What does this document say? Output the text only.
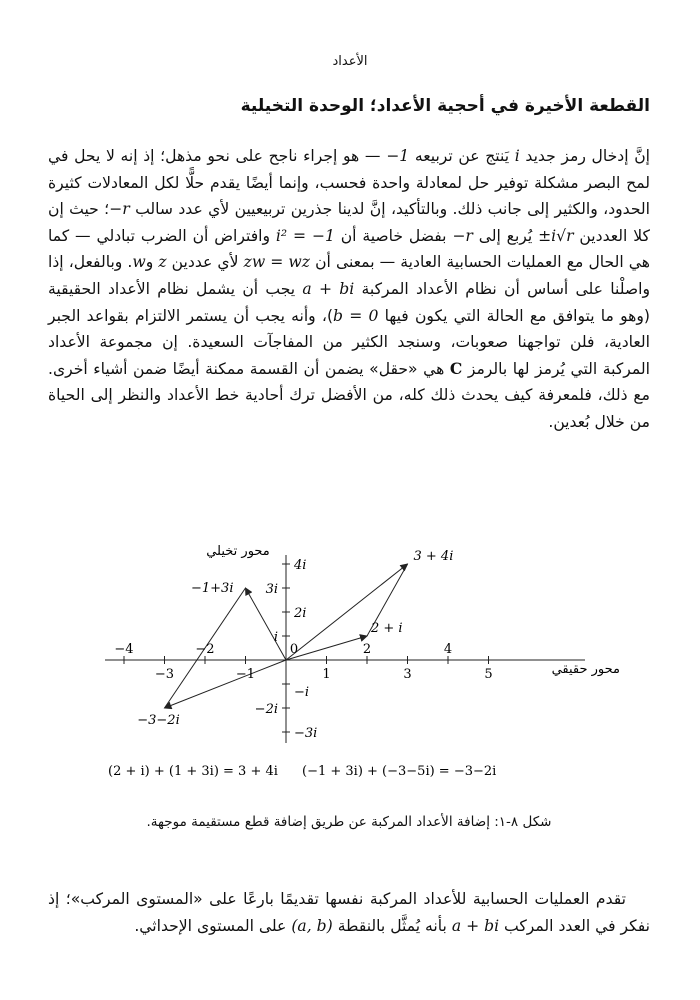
الأعداد
القطعة الأخيرة في أحجية الأعداد؛ الوحدة التخيلية
إنَّ إدخال رمز جديد i يَنتج عن تربيعه −1 — هو إجراء ناجح على نحو مذهل؛ إذ إنه لا يحل في لمح البصر مشكلة توفير حل لمعادلة واحدة فحسب، وإنما أيضًا يقدم حلًّا لكل المعادلات كثيرة الحدود، والكثير إلى جانب ذلك. وبالتأكيد، إنَّ لدينا جذرين تربيعيين لأي عدد سالب −r؛ حيث إن كلا العددين ±i√r يُربع إلى −r بفضل خاصية أن i² = −1 وافتراض أن الضرب تبادلي — كما هي الحال مع العمليات الحسابية العادية — بمعنى أن zw = wz لأي عددين z وw. وبالفعل، إذا واصلْنا على أساس أن نظام الأعداد المركبة a + bi يجب أن يشمل نظام الأعداد الحقيقية (وهو ما يتوافق مع الحالة التي يكون فيها b = 0)، وأنه يجب أن يستمر الالتزام بقواعد الجبر العادية، فلن تواجهنا صعوبات، وسنجد الكثير من المفاجآت السعيدة. إن مجموعة الأعداد المركبة التي يُرمز لها بالرمز C هي «حقل» يضمن أن القسمة ممكنة أيضًا ضمن أشياء أخرى. مع ذلك، فلمعرفة كيف يحدث ذلك كله، من الأفضل ترك أحادية خط الأعداد والنظر إلى الحياة من خلال بُعدين.
−4
−3
−2
−1
0
1
2
3
4
5
4i
3i
2i
i
−i
−2i
−3i
3 + 4i
2 + i
−1+3i
−3−2i
محور تخيلي
محور حقيقي
(2 + i) + (1 + 3i) = 3 + 4i (−1 + 3i) + (−3−5i) = −3−2i
شكل ٨-١: إضافة الأعداد المركبة عن طريق إضافة قطع مستقيمة موجهة.
تقدم العمليات الحسابية للأعداد المركبة نفسها تقديمًا بارعًا على «المستوى المركب»؛ إذ نفكر في العدد المركب a + bi بأنه يُمثَّل بالنقطة (a, b) على المستوى الإحداثي.
